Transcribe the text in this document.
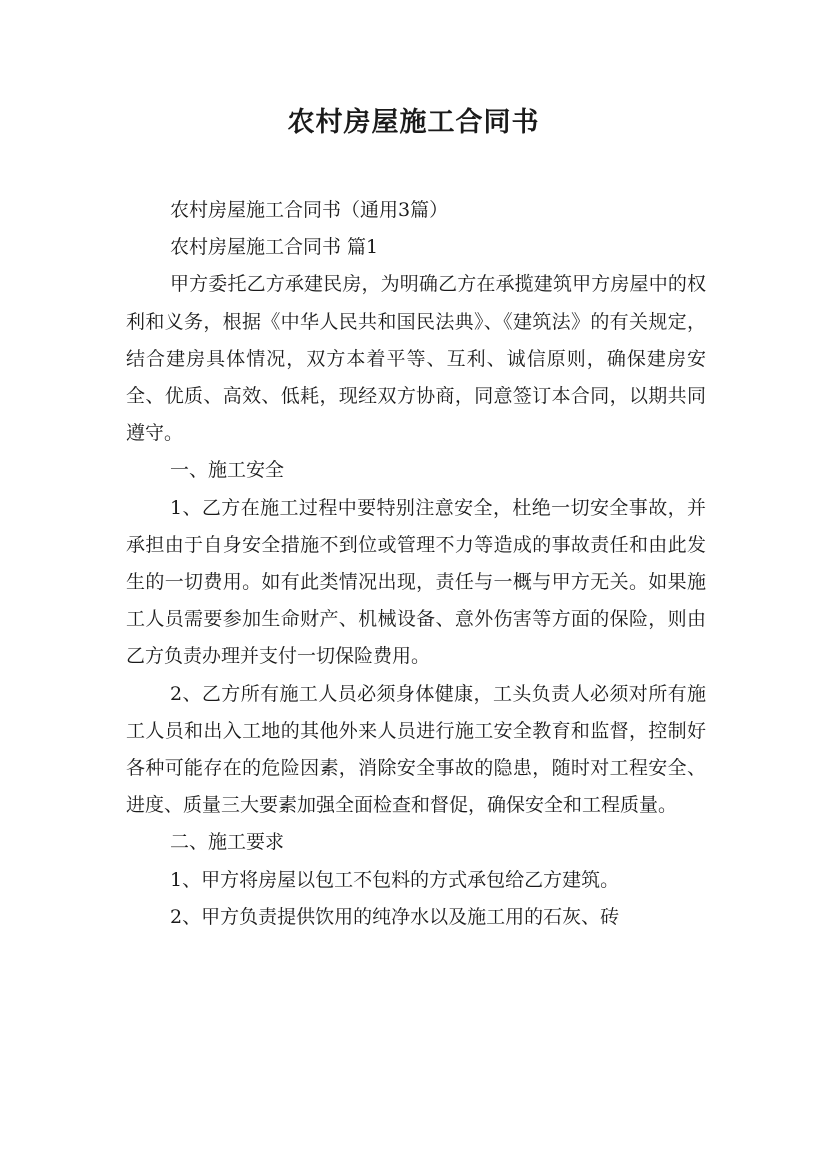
农村房屋施工合同书

农村房屋施工合同书（通用3篇）

农村房屋施工合同书 篇1

甲方委托乙方承建民房，为明确乙方在承揽建筑甲方房屋中的权利和义务，根据《中华人民共和国民法典》、《建筑法》的有关规定，结合建房具体情况，双方本着平等、互利、诚信原则，确保建房安全、优质、高效、低耗，现经双方协商，同意签订本合同，以期共同遵守。

一、施工安全

1、乙方在施工过程中要特别注意安全，杜绝一切安全事故，并承担由于自身安全措施不到位或管理不力等造成的事故责任和由此发生的一切费用。如有此类情况出现，责任与一概与甲方无关。如果施工人员需要参加生命财产、机械设备、意外伤害等方面的保险，则由乙方负责办理并支付一切保险费用。

2、乙方所有施工人员必须身体健康，工头负责人必须对所有施工人员和出入工地的其他外来人员进行施工安全教育和监督，控制好各种可能存在的危险因素，消除安全事故的隐患，随时对工程安全、进度、质量三大要素加强全面检查和督促，确保安全和工程质量。

二、施工要求

1、甲方将房屋以包工不包料的方式承包给乙方建筑。

2、甲方负责提供饮用的纯净水以及施工用的石灰、砖
